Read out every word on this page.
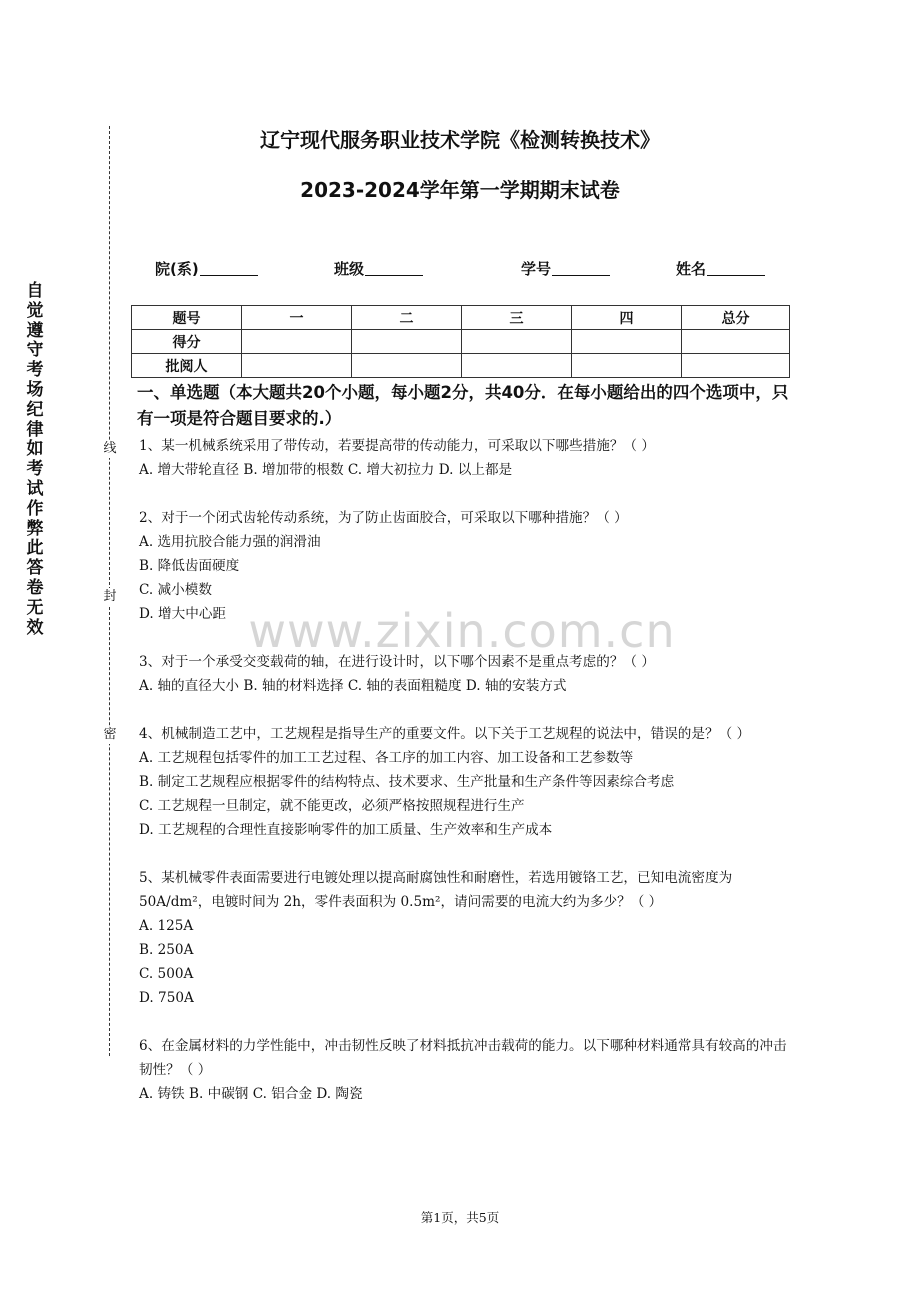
自觉遵守考场纪律如考试作弊此答卷无效
线
封
密
辽宁现代服务职业技术学院《检测转换技术》
2023-2024学年第一学期期末试卷
院(系)	班级	学号	姓名
题号	一	二	三	四	总分
得分					
批阅人					
一、单选题（本大题共20个小题，每小题2分，共40分．在每小题给出的四个选项中，只有一项是符合题目要求的.）

1、某一机械系统采用了带传动，若要提高带的传动能力，可采取以下哪些措施？（ ）

A. 增大带轮直径 B. 增加带的根数 C. 增大初拉力 D. 以上都是

2、对于一个闭式齿轮传动系统，为了防止齿面胶合，可采取以下哪种措施？（ ）

A. 选用抗胶合能力强的润滑油

B. 降低齿面硬度

C. 减小模数

D. 增大中心距

3、对于一个承受交变载荷的轴，在进行设计时，以下哪个因素不是重点考虑的？（ ）

A. 轴的直径大小 B. 轴的材料选择 C. 轴的表面粗糙度 D. 轴的安装方式

4、机械制造工艺中，工艺规程是指导生产的重要文件。以下关于工艺规程的说法中，错误的是？（ ）

A. 工艺规程包括零件的加工工艺过程、各工序的加工内容、加工设备和工艺参数等

B. 制定工艺规程应根据零件的结构特点、技术要求、生产批量和生产条件等因素综合考虑

C. 工艺规程一旦制定，就不能更改，必须严格按照规程进行生产

D. 工艺规程的合理性直接影响零件的加工质量、生产效率和生产成本

5、某机械零件表面需要进行电镀处理以提高耐腐蚀性和耐磨性，若选用镀铬工艺，已知电流密度为 50A/dm²，电镀时间为 2h，零件表面积为 0.5m²，请问需要的电流大约为多少？（ ）

A. 125A

B. 250A

C. 500A

D. 750A

6、在金属材料的力学性能中，冲击韧性反映了材料抵抗冲击载荷的能力。以下哪种材料通常具有较高的冲击韧性？（ ）

A. 铸铁 B. 中碳钢 C. 铝合金 D. 陶瓷

www.zixin.com.cn
第1页，共5页
